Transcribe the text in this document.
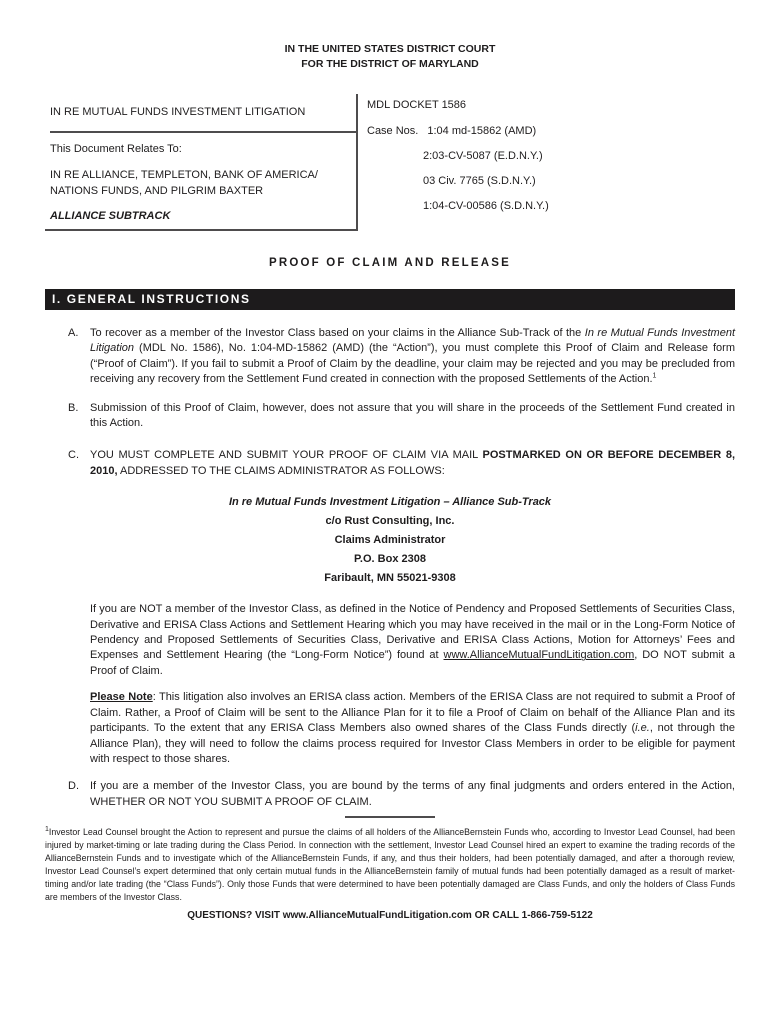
IN THE UNITED STATES DISTRICT COURT
FOR THE DISTRICT OF MARYLAND
IN RE MUTUAL FUNDS INVESTMENT LITIGATION
This Document Relates To:
IN RE ALLIANCE, TEMPLETON, BANK OF AMERICA/
NATIONS FUNDS, AND PILGRIM BAXTER
ALLIANCE SUBTRACK
MDL DOCKET 1586
Case Nos. 1:04 md-15862 (AMD)
2:03-CV-5087 (E.D.N.Y.)
03 Civ. 7765 (S.D.N.Y.)
1:04-CV-00586 (S.D.N.Y.)
PROOF OF CLAIM AND RELEASE
I. GENERAL INSTRUCTIONS
A.	To recover as a member of the Investor Class based on your claims in the Alliance Sub-Track of the In re Mutual Funds Investment Litigation (MDL No. 1586), No. 1:04-MD-15862 (AMD) (the “Action”), you must complete this Proof of Claim and Release form (“Proof of Claim”). If you fail to submit a Proof of Claim by the deadline, your claim may be rejected and you may be precluded from receiving any recovery from the Settlement Fund created in connection with the proposed Settlements of the Action.$^1$
B.	Submission of this Proof of Claim, however, does not assure that you will share in the proceeds of the Settlement Fund created in this Action.
C.	YOU MUST COMPLETE AND SUBMIT YOUR PROOF OF CLAIM VIA MAIL POSTMARKED ON OR BEFORE DECEMBER 8, 2010, ADDRESSED TO THE CLAIMS ADMINISTRATOR AS FOLLOWS:
In re Mutual Funds Investment Litigation – Alliance Sub-Track
c/o Rust Consulting, Inc.
Claims Administrator
P.O. Box 2308
Faribault, MN 55021-9308
If you are NOT a member of the Investor Class, as defined in the Notice of Pendency and Proposed Settlements of Securities Class, Derivative and ERISA Class Actions and Settlement Hearing which you may have received in the mail or in the Long-Form Notice of Pendency and Proposed Settlements of Securities Class, Derivative and ERISA Class Actions, Motion for Attorneys’ Fees and Expenses and Settlement Hearing (the “Long-Form Notice”) found at www.AllianceMutualFundLitigation.com, DO NOT submit a Proof of Claim.
Please Note: This litigation also involves an ERISA class action. Members of the ERISA Class are not required to submit a Proof of Claim. Rather, a Proof of Claim will be sent to the Alliance Plan for it to file a Proof of Claim on behalf of the Alliance Plan and its participants. To the extent that any ERISA Class Members also owned shares of the Class Funds directly (i.e., not through the Alliance Plan), they will need to follow the claims process required for Investor Class Members in order to be eligible for payment with respect to those shares.
D.	If you are a member of the Investor Class, you are bound by the terms of any final judgments and orders entered in the Action, WHETHER OR NOT YOU SUBMIT A PROOF OF CLAIM.
$^1$Investor Lead Counsel brought the Action to represent and pursue the claims of all holders of the AllianceBernstein Funds who, according to Investor Lead Counsel, had been injured by market-timing or late trading during the Class Period. In connection with the settlement, Investor Lead Counsel hired an expert to examine the trading records of the AllianceBernstein Funds and to investigate which of the AllianceBernstein Funds, if any, and thus their holders, had been potentially damaged, and after a thorough review, Investor Lead Counsel’s expert determined that only certain mutual funds in the AllianceBernstein family of mutual funds had been potentially damaged as a result of market-timing and/or late trading (the “Class Funds”). Only those Funds that were determined to have been potentially damaged are Class Funds, and only the holders of Class Funds are members of the Investor Class.
QUESTIONS? VISIT www.AllianceMutualFundLitigation.com OR CALL 1-866-759-5122
